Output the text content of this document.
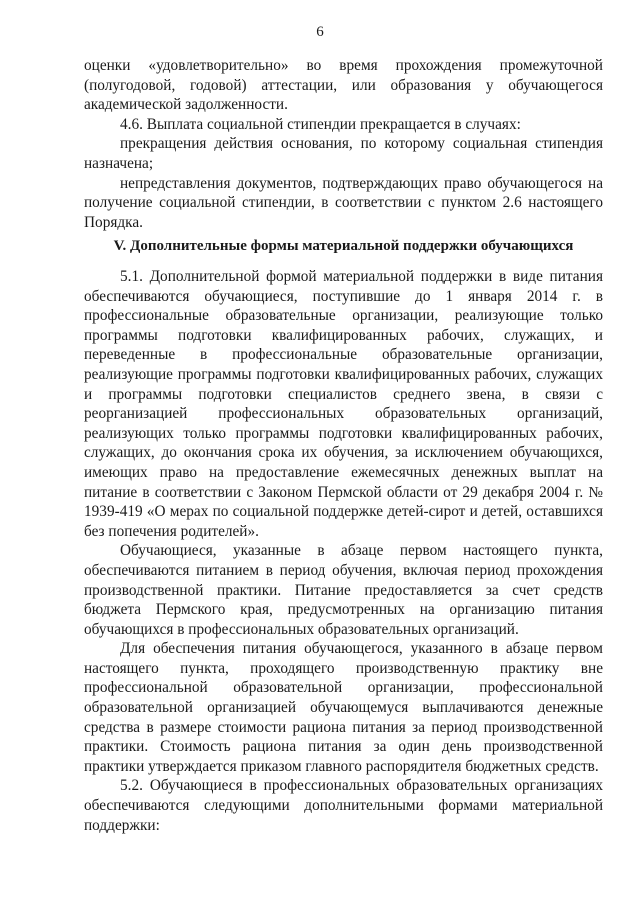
6

оценки «удовлетворительно» во время прохождения промежуточной (полугодовой, годовой) аттестации, или образования у обучающегося академической задолженности.

4.6. Выплата социальной стипендии прекращается в случаях:

прекращения действия основания, по которому социальная стипендия назначена;

непредставления документов, подтверждающих право обучающегося на получение социальной стипендии, в соответствии с пунктом 2.6 настоящего Порядка.

V. Дополнительные формы материальной поддержки обучающихся

5.1. Дополнительной формой материальной поддержки в виде питания обеспечиваются обучающиеся, поступившие до 1 января 2014 г. в профессиональные образовательные организации, реализующие только программы подготовки квалифицированных рабочих, служащих, и переведенные в профессиональные образовательные организации, реализующие программы подготовки квалифицированных рабочих, служащих и программы подготовки специалистов среднего звена, в связи с реорганизацией профессиональных образовательных организаций, реализующих только программы подготовки квалифицированных рабочих, служащих, до окончания срока их обучения, за исключением обучающихся, имеющих право на предоставление ежемесячных денежных выплат на питание в соответствии с Законом Пермской области от 29 декабря 2004 г. № 1939-419 «О мерах по социальной поддержке детей-сирот и детей, оставшихся без попечения родителей».

Обучающиеся, указанные в абзаце первом настоящего пункта, обеспечиваются питанием в период обучения, включая период прохождения производственной практики. Питание предоставляется за счет средств бюджета Пермского края, предусмотренных на организацию питания обучающихся в профессиональных образовательных организаций.

Для обеспечения питания обучающегося, указанного в абзаце первом настоящего пункта, проходящего производственную практику вне профессиональной образовательной организации, профессиональной образовательной организацией обучающемуся выплачиваются денежные средства в размере стоимости рациона питания за период производственной практики. Стоимость рациона питания за один день производственной практики утверждается приказом главного распорядителя бюджетных средств.

5.2. Обучающиеся в профессиональных образовательных организациях обеспечиваются следующими дополнительными формами материальной поддержки:
